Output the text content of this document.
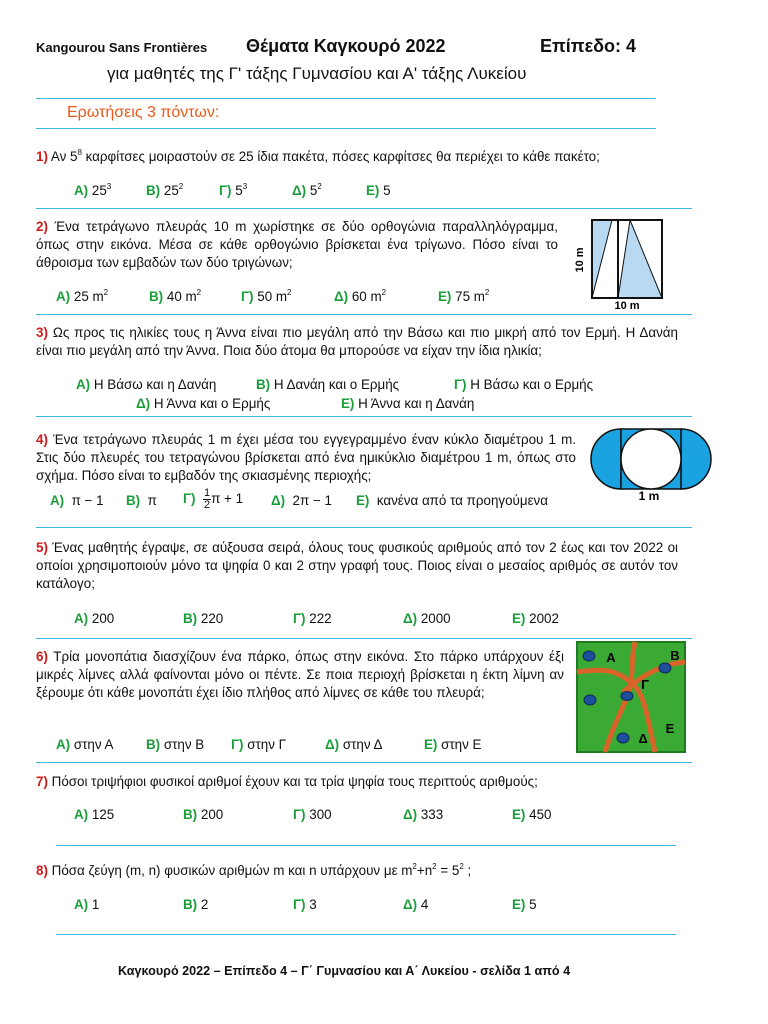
Kangourou Sans Frontières Θέματα Καγκουρό 2022	Επίπεδο: 4
για μαθητές της Γ' τάξης Γυμνασίου και Α' τάξης Λυκείου
Ερωτήσεις 3 πόντων:
1) Αν $5^8$ καρφίτσες μοιραστούν σε 25 ίδια πακέτα, πόσες καρφίτσες θα περιέχει το κάθε πακέτο;
Α) $25^3$	Β) $25^2$	Γ) $5^3$	Δ) $5^2$	Ε) 5
2) Ένα τετράγωνο πλευράς 10 m χωρίστηκε σε δύο ορθογώνια παραλληλόγραμμα, όπως στην εικόνα. Μέσα σε κάθε ορθογώνιο βρίσκεται ένα τρίγωνο. Πόσο είναι το άθροισμα των εμβαδών των δύο τριγώνων;	10 m
10 m
Α) 25 $m^2$	Β) 40 $m^2$	Γ) 50 $m^2$	Δ) 60 $m^2$	Ε) 75 $m^2$
3) Ως προς τις ηλικίες τους η Άννα είναι πιο μεγάλη από την Βάσω και πιο μικρή από τον Ερμή. Η Δανάη είναι πιο μεγάλη από την Άννα. Ποια δύο άτομα θα μπορούσε να είχαν την ίδια ηλικία;
Α) Η Βάσω και η Δανάη	Β) Η Δανάη και ο Ερμής	Γ) Η Βάσω και ο Ερμής
Δ) Η Άννα και ο Ερμής	Ε) Η Άννα και η Δανάη
4) Ένα τετράγωνο πλευράς 1 m έχει μέσα του εγγεγραμμένο έναν κύκλο διαμέτρου 1 m. Στις δύο πλευρές του τετραγώνου βρίσκεται από ένα ημικύκλιο διαμέτρου 1 m, όπως στο σχήμα. Πόσο είναι το εμβαδόν της σκιασμένης περιοχής;
1 m
Α) π − 1 Β) π $\Gamma) \frac{1}{2}$ π + 1 Δ) 2π − 1 Ε) κανένα από τα προηγούμενα
5) Ένας μαθητής έγραψε, σε αύξουσα σειρά, όλους τους φυσικούς αριθμούς από τον 2 έως και τον 2022 οι οποίοι χρησιμοποιούν μόνο τα ψηφία 0 και 2 στην γραφή τους. Ποιος είναι ο μεσαίος αριθμός σε αυτόν τον κατάλογο;
Α) 200	Β) 220	Γ) 222	Δ) 2000	Ε) 2002
6) Τρία μονοπάτια διασχίζουν ένα πάρκο, όπως στην εικόνα. Στο πάρκο υπάρχουν έξι μικρές λίμνες αλλά φαίνονται μόνο οι πέντε. Σε ποια περιοχή βρίσκεται η έκτη λίμνη αν ξέρουμε ότι κάθε μονοπάτι έχει ίδιο πλήθος από λίμνες σε κάθε του πλευρά;
Α	Β
Γ
Δ
Ε
Α) στην Α Β) στην Β Γ) στην Γ	Δ) στην Δ	Ε) στην Ε
7) Πόσοι τριψήφιοι φυσικοί αριθμοί έχουν και τα τρία ψηφία τους περιττούς αριθμούς;
Α) 125	Β) 200	Γ) 300	Δ) 333	Ε) 450
8) Πόσα ζεύγη (m, n) φυσικών αριθμών m και n υπάρχουν με $m^2+n^2 = 5^2$ ;
Α) 1	Β) 2	Γ) 3	Δ) 4	Ε) 5
Καγκουρό 2022 – Επίπεδο 4 – Γ΄ Γυμνασίου και Α΄ Λυκείου - σελίδα 1 από 4
